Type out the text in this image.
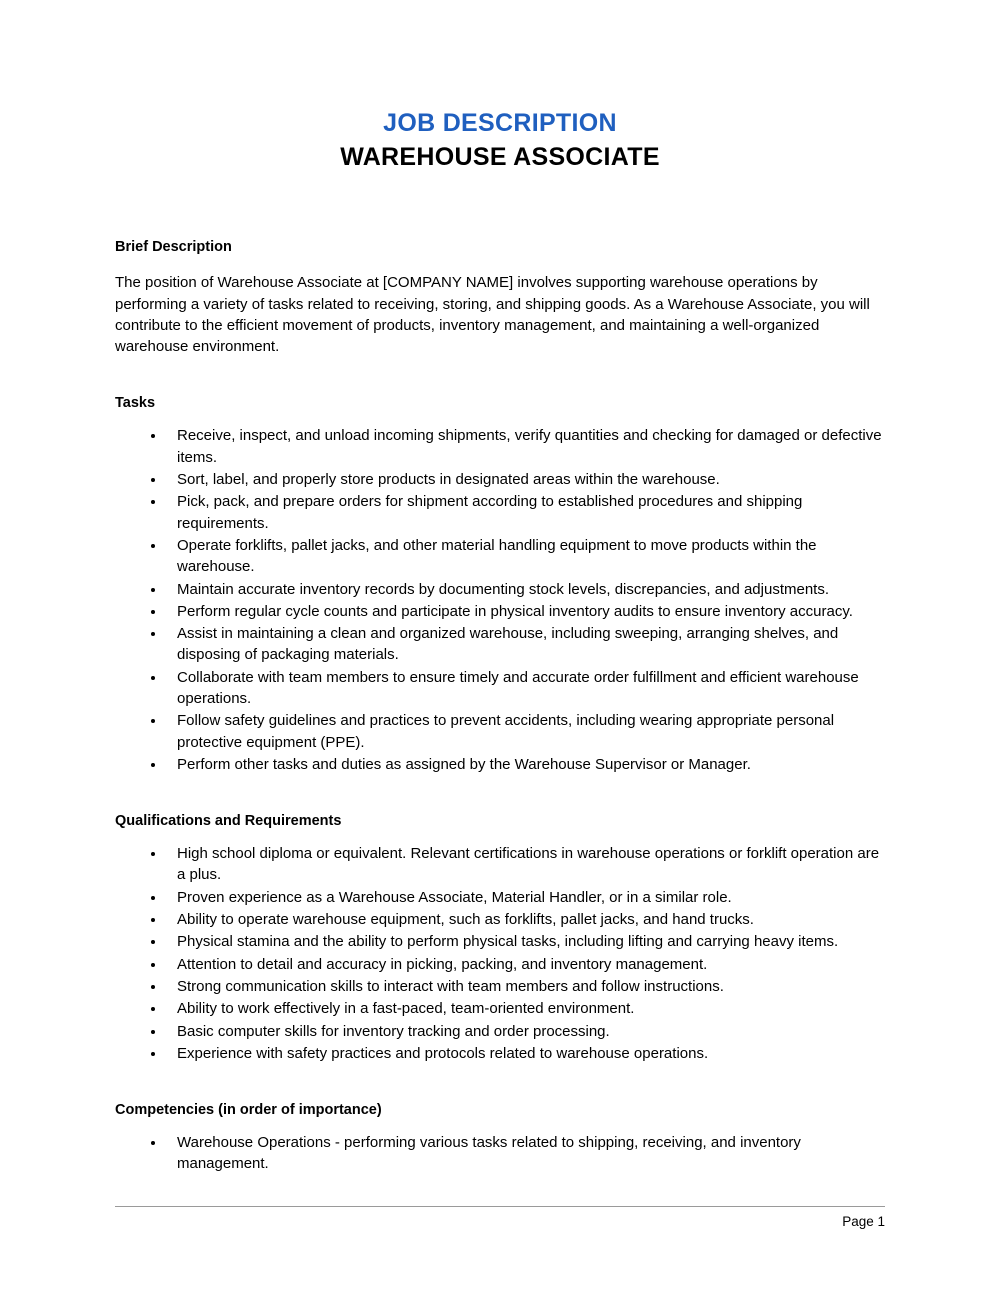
JOB DESCRIPTION
WAREHOUSE ASSOCIATE
Brief Description
The position of Warehouse Associate at [COMPANY NAME] involves supporting warehouse operations by performing a variety of tasks related to receiving, storing, and shipping goods. As a Warehouse Associate, you will contribute to the efficient movement of products, inventory management, and maintaining a well-organized warehouse environment.
Tasks
Receive, inspect, and unload incoming shipments, verify quantities and checking for damaged or defective items.
Sort, label, and properly store products in designated areas within the warehouse.
Pick, pack, and prepare orders for shipment according to established procedures and shipping requirements.
Operate forklifts, pallet jacks, and other material handling equipment to move products within the warehouse.
Maintain accurate inventory records by documenting stock levels, discrepancies, and adjustments.
Perform regular cycle counts and participate in physical inventory audits to ensure inventory accuracy.
Assist in maintaining a clean and organized warehouse, including sweeping, arranging shelves, and disposing of packaging materials.
Collaborate with team members to ensure timely and accurate order fulfillment and efficient warehouse operations.
Follow safety guidelines and practices to prevent accidents, including wearing appropriate personal protective equipment (PPE).
Perform other tasks and duties as assigned by the Warehouse Supervisor or Manager.
Qualifications and Requirements
High school diploma or equivalent. Relevant certifications in warehouse operations or forklift operation are a plus.
Proven experience as a Warehouse Associate, Material Handler, or in a similar role.
Ability to operate warehouse equipment, such as forklifts, pallet jacks, and hand trucks.
Physical stamina and the ability to perform physical tasks, including lifting and carrying heavy items.
Attention to detail and accuracy in picking, packing, and inventory management.
Strong communication skills to interact with team members and follow instructions.
Ability to work effectively in a fast-paced, team-oriented environment.
Basic computer skills for inventory tracking and order processing.
Experience with safety practices and protocols related to warehouse operations.
Competencies (in order of importance)
Warehouse Operations - performing various tasks related to shipping, receiving, and inventory management.
Page 1
